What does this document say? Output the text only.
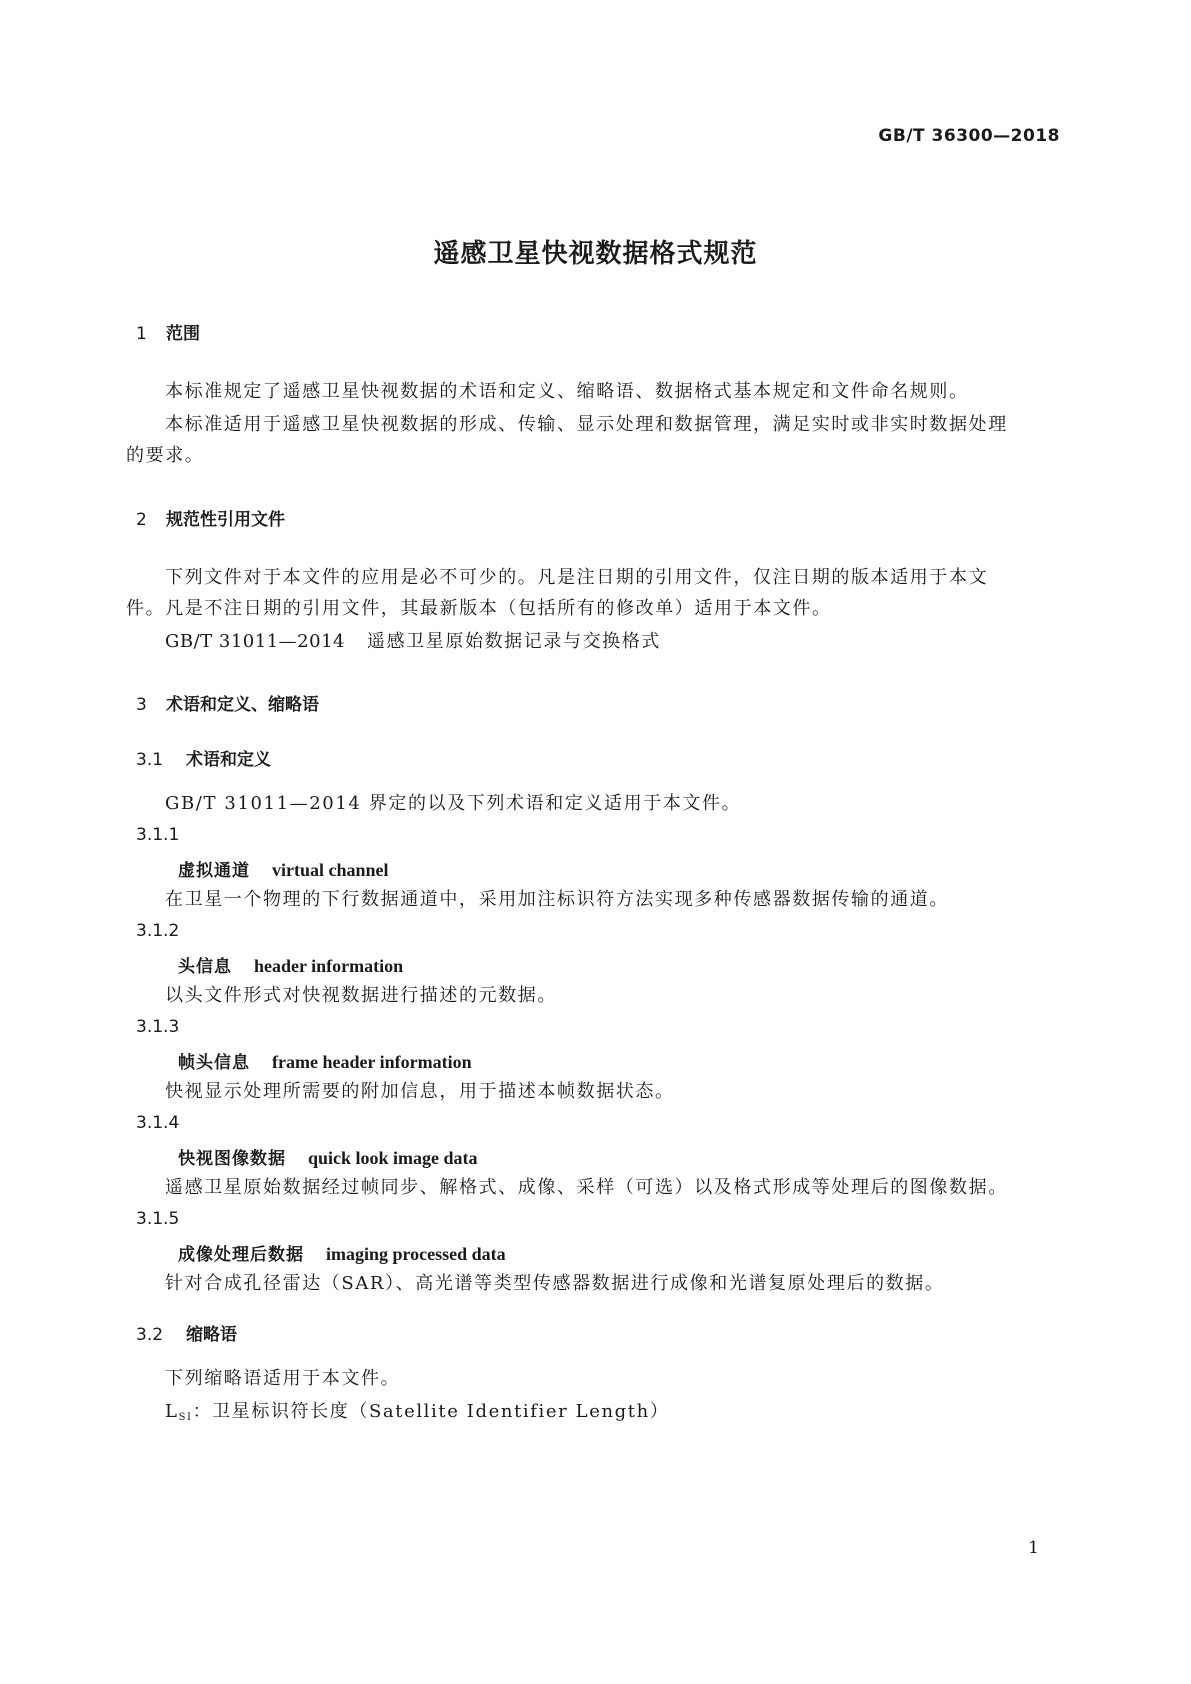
GB/T 36300—2018
遥感卫星快视数据格式规范
1 范围
本标准规定了遥感卫星快视数据的术语和定义、缩略语、数据格式基本规定和文件命名规则。
本标准适用于遥感卫星快视数据的形成、传输、显示处理和数据管理，满足实时或非实时数据处理
的要求。
2 规范性引用文件
下列文件对于本文件的应用是必不可少的。凡是注日期的引用文件，仅注日期的版本适用于本文
件。凡是不注日期的引用文件，其最新版本（包括所有的修改单）适用于本文件。
GB/T 31011—2014 遥感卫星原始数据记录与交换格式
3 术语和定义、缩略语
3.1 术语和定义
GB/T 31011—2014 界定的以及下列术语和定义适用于本文件。
3.1.1
虚拟通道 virtual channel
在卫星一个物理的下行数据通道中，采用加注标识符方法实现多种传感器数据传输的通道。
3.1.2
头信息 header information
以头文件形式对快视数据进行描述的元数据。
3.1.3
帧头信息 frame header information
快视显示处理所需要的附加信息，用于描述本帧数据状态。
3.1.4
快视图像数据 quick look image data
遥感卫星原始数据经过帧同步、解格式、成像、采样（可选）以及格式形成等处理后的图像数据。
3.1.5
成像处理后数据 imaging processed data
针对合成孔径雷达（SAR）、高光谱等类型传感器数据进行成像和光谱复原处理后的数据。
3.2 缩略语
下列缩略语适用于本文件。
$L_{SI}$：卫星标识符长度（Satellite Identifier Length）
1
